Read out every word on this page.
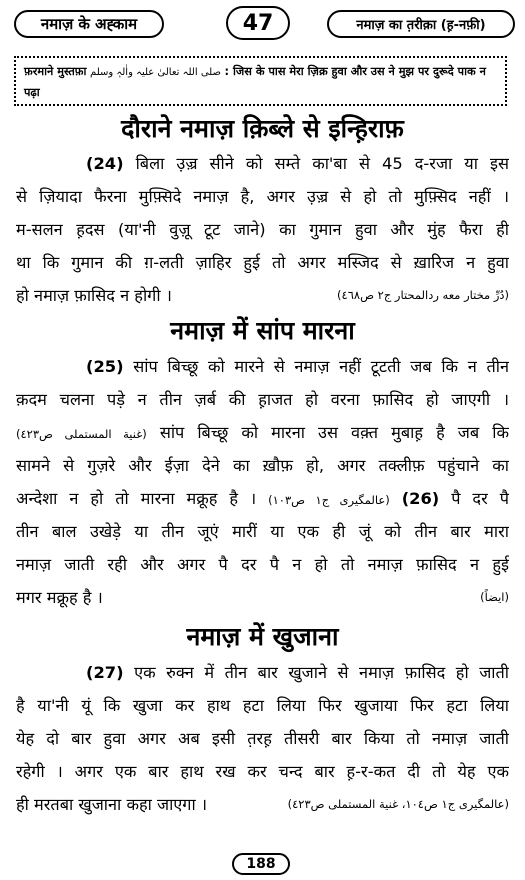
नमाज़ के अह्काम	47	नमाज़ का त़रीक़ा (ह़-नफ़ी)
फ़रमाने मुस्तफ़ा صلی اللہ تعالیٰ علیہ واٰلہٖ وسلم : जिस के पास मेरा ज़िक्र हुवा और उस ने मुझ पर दुरूदे पाक न पढ़ा
दौराने नमाज़ क़िब्ले से इन्ह़िराफ़
(24) बिला उ़ज़्र सीने को सम्ते का'बा से 45 द-रजा या इस
से ज़ियादा फैरना मुफ़्सिदे नमाज़ है, अगर उ़ज़्र से हो तो मुफ़्सिद नहीं ।
म-सलन ह़दस (या'नी वुज़ू टूट जाने) का गुमान हुवा और मुंह फैरा ही
था कि गुमान की ग़-लती ज़ाहिर हुई तो अगर मस्जिद से ख़ारिज न हुवा
हो नमाज़ फ़ासिद न होगी ।	(دُرِّ مختار معه ردالمحتار ج٢ ص٤٦٨)
नमाज़ में सांप मारना
(25) सांप बिच्छू को मारने से नमाज़ नहीं टूटती जब कि न तीन
क़दम चलना पड़े न तीन ज़र्ब की ह़ाजत हो वरना फ़ासिद हो जाएगी ।
(غنية المستملى ص٤٢٣) सांप बिच्छू को मारना उस वक़्त मुबाह़ है जब कि
सामने से गुज़रे और ईज़ा देने का ख़ौफ़ हो, अगर तक्लीफ़ पहुंचाने का
अन्देशा न हो तो मारना मक्रूह है । (عالمگیری ج١ ص١٠٣) (26) पै दर पै
तीन बाल उखेड़े या तीन जूएं मारीं या एक ही जूं को तीन बार मारा
नमाज़ जाती रही और अगर पै दर पै न हो तो नमाज़ फ़ासिद न हुई
मगर मक्रूह है ।	(ایضاً)
नमाज़ में खुजाना
(27) एक रुक्न में तीन बार खुजाने से नमाज़ फ़ासिद हो जाती
है या'नी यूं कि खुजा कर हाथ हटा लिया फिर खुजाया फिर हटा लिया
येह दो बार हुवा अगर अब इसी त़रह़ तीसरी बार किया तो नमाज़ जाती
रहेगी । अगर एक बार हाथ रख कर चन्द बार ह़-र-कत दी तो येह एक
ही मरतबा खुजाना कहा जाएगा ।	(عالمگیری ج١ ص١٠٤، غنية المستملى ص٤٢٣)
188
